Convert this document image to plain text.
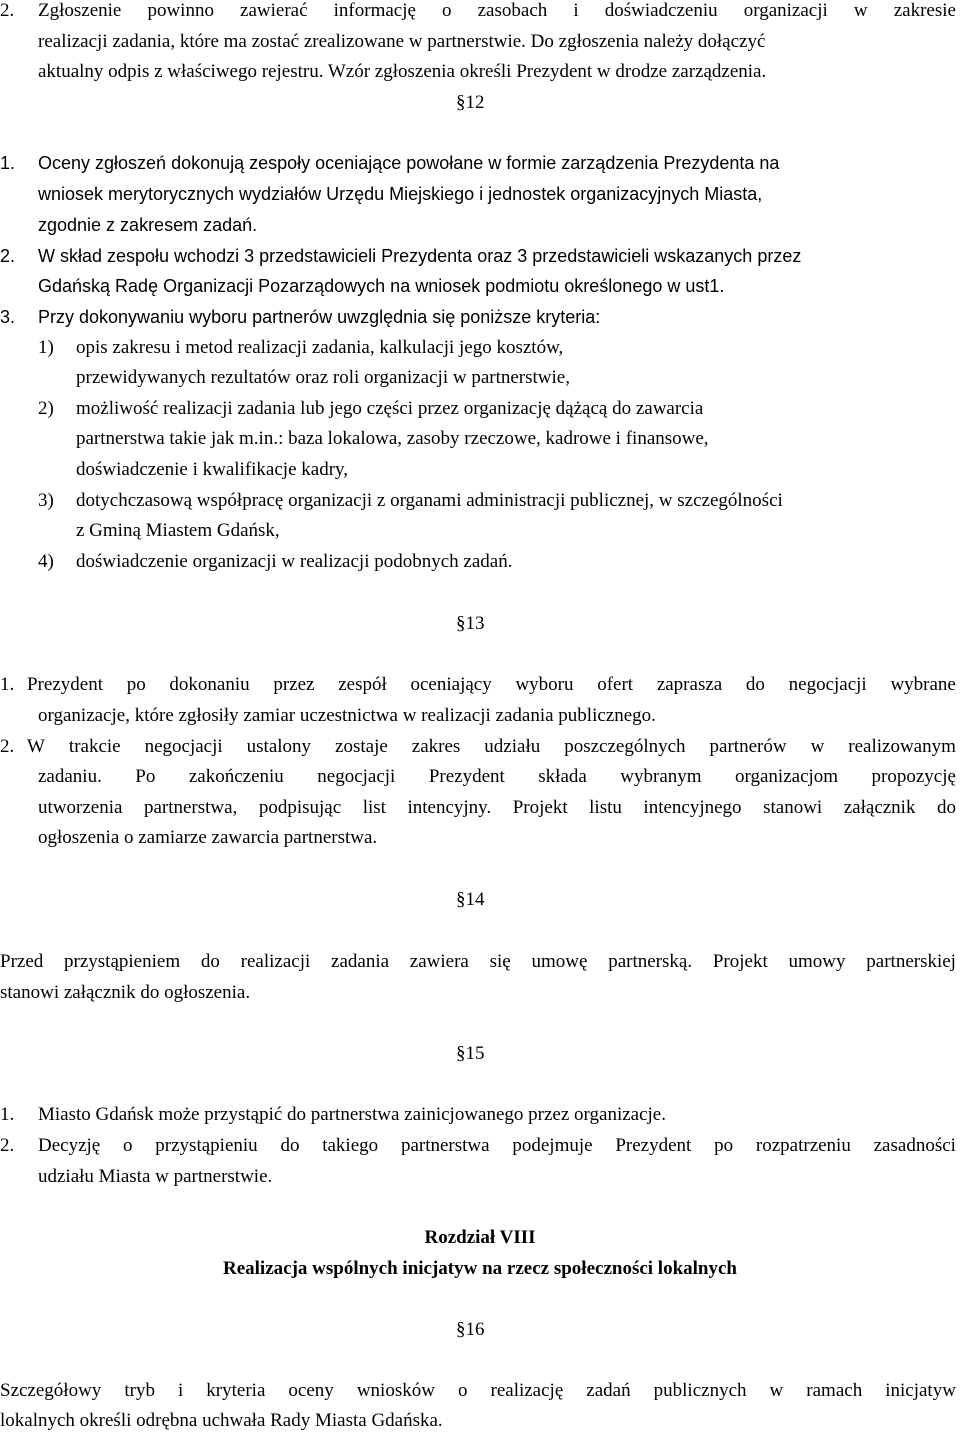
2. Zgłoszenie powinno zawierać informację o zasobach i doświadczeniu organizacji w zakresie
realizacji zadania, które ma zostać zrealizowane w partnerstwie. Do zgłoszenia należy dołączyć
aktualny odpis z właściwego rejestru. Wzór zgłoszenia określi Prezydent w drodze zarządzenia.
§12
1. Oceny zgłoszeń dokonują zespoły oceniające powołane w formie zarządzenia Prezydenta na
wniosek merytorycznych wydziałów Urzędu Miejskiego i jednostek organizacyjnych Miasta,
zgodnie z zakresem zadań.
2. W skład zespołu wchodzi 3 przedstawicieli Prezydenta oraz 3 przedstawicieli wskazanych przez
Gdańską Radę Organizacji Pozarządowych na wniosek podmiotu określonego w ust1.
3. Przy dokonywaniu wyboru partnerów uwzględnia się poniższe kryteria:
1) opis zakresu i metod realizacji zadania, kalkulacji jego kosztów,
przewidywanych rezultatów oraz roli organizacji w partnerstwie,
2) możliwość realizacji zadania lub jego części przez organizację dążącą do zawarcia
partnerstwa takie jak m.in.: baza lokalowa, zasoby rzeczowe, kadrowe i finansowe,
doświadczenie i kwalifikacje kadry,
3) dotychczasową współpracę organizacji z organami administracji publicznej, w szczególności
z Gminą Miastem Gdańsk,
4) doświadczenie organizacji w realizacji podobnych zadań.
§13
1. Prezydent po dokonaniu przez zespół oceniający wyboru ofert zaprasza do negocjacji wybrane
organizacje, które zgłosiły zamiar uczestnictwa w realizacji zadania publicznego.
2. W trakcie negocjacji ustalony zostaje zakres udziału poszczególnych partnerów w realizowanym
zadaniu. Po zakończeniu negocjacji Prezydent składa wybranym organizacjom propozycję
utworzenia partnerstwa, podpisując list intencyjny. Projekt listu intencyjnego stanowi załącznik do
ogłoszenia o zamiarze zawarcia partnerstwa.
§14
Przed przystąpieniem do realizacji zadania zawiera się umowę partnerską. Projekt umowy partnerskiej
stanowi załącznik do ogłoszenia.
§15
1. Miasto Gdańsk może przystąpić do partnerstwa zainicjowanego przez organizacje.
2. Decyzję o przystąpieniu do takiego partnerstwa podejmuje Prezydent po rozpatrzeniu zasadności
udziału Miasta w partnerstwie.
Rozdział VIII
Realizacja wspólnych inicjatyw na rzecz społeczności lokalnych
§16
Szczegółowy tryb i kryteria oceny wniosków o realizację zadań publicznych w ramach inicjatyw
lokalnych określi odrębna uchwała Rady Miasta Gdańska.
